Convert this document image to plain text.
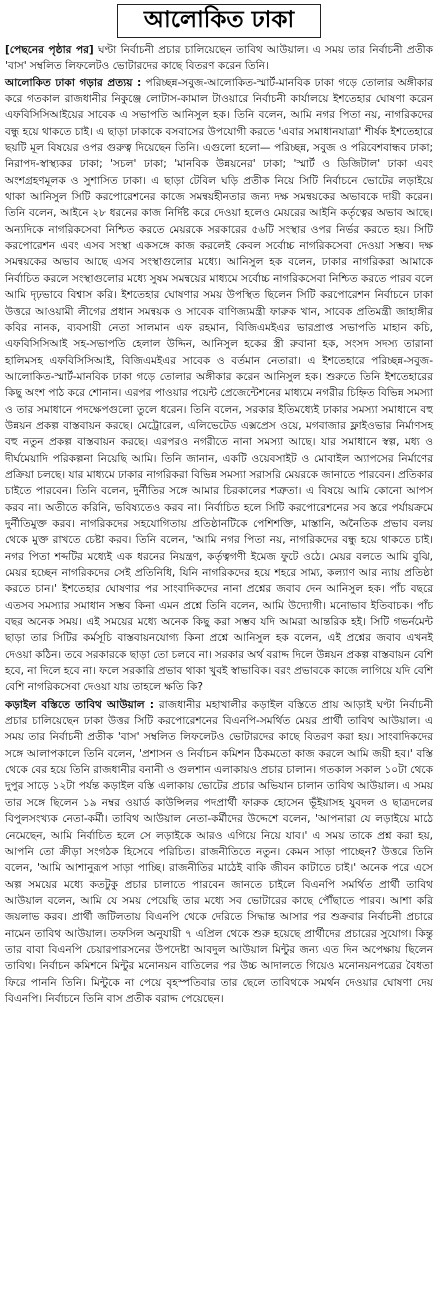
আলোকিত ঢাকা

[পেছনের পৃষ্ঠার পর] ঘণ্টা নির্বাচনী প্রচার চালিয়েছেন তাবিথ আউয়াল। এ সময় তার নির্বাচনী প্রতীক 'বাস' সম্বলিত লিফলেটও ভোটারদের কাছে বিতরণ করেন তিনি।

আলোকিত ঢাকা গড়ার প্রত্যয় : পরিচ্ছন্ন-সবুজ-আলোকিত-স্মার্ট-মানবিক ঢাকা গড়ে তোলার অঙ্গীকার করে গতকাল রাজধানীর নিকুঞ্জে লোটাস-কামাল টাওয়ারে নির্বাচনী কার্যালয়ে ইশতেহার ঘোষণা করেন এফবিসিসিআইয়ের সাবেক এ সভাপতি আনিসুল হক। তিনি বলেন, আমি নগর পিতা নয়, নাগরিকদের বন্ধু হয়ে থাকতে চাই। এ ছাড়া ঢাকাকে বসবাসের উপযোগী করতে 'এবার সমাধানযাত্রা' শীর্ষক ইশতেহারে ছয়টি মূল বিষয়ের ওপর গুরুত্ব দিয়েছেন তিনি। এগুলো হলো— পরিচ্ছন্ন, সবুজ ও পরিবেশবান্ধব ঢাকা; নিরাপদ-স্বাস্থ্যকর ঢাকা; 'সচল' ঢাকা; 'মানবিক উন্নয়নের' ঢাকা; 'স্মার্ট ও ডিজিটাল' ঢাকা এবং অংশগ্রহণমূলক ও সুশাসিত ঢাকা। এ ছাড়া টেবিল ঘড়ি প্রতীক নিয়ে সিটি নির্বাচনে ভোটের লড়াইয়ে থাকা আনিসুল সিটি করপোরেশনের কাজে সমন্বয়হীনতার জন্য দক্ষ সমন্বয়কের অভাবকে দায়ী করেন। তিনি বলেন, আইনে ২৮ ধরনের কাজ নির্দিষ্ট করে দেওয়া হলেও মেয়রের আইনি কর্তৃত্বের অভাব আছে। অন্যদিকে নাগরিকসেবা নিশ্চিত করতে মেয়রকে সরকারের ৫৬টি সংস্থার ওপর নির্ভর করতে হয়। সিটি করপোরেশন এবং এসব সংস্থা একসঙ্গে কাজ করলেই কেবল সর্বোচ্চ নাগরিকসেবা দেওয়া সম্ভব। দক্ষ সমন্বয়কের অভাব আছে এসব সংস্থাগুলোর মধ্যে। আনিসুল হক বলেন, ঢাকার নাগরিকরা আমাকে নির্বাচিত করলে সংস্থাগুলোর মধ্যে সুষম সমন্বয়ের মাধ্যমে সর্বোচ্চ নাগরিকসেবা নিশ্চিত করতে পারব বলে আমি দৃঢ়ভাবে বিশ্বাস করি। ইশতেহার ঘোষণার সময় উপস্থিত ছিলেন সিটি করপোরেশন নির্বাচনে ঢাকা উত্তরে আওয়ামী লীগের প্রধান সমন্বয়ক ও সাবেক বাণিজ্যমন্ত্রী ফারুক খান, সাবেক প্রতিমন্ত্রী জাহাঙ্গীর কবির নানক, ব্যবসায়ী নেতা সালমান এফ রহমান, বিজিএমইএর ভারপ্রাপ্ত সভাপতি মাহান কচি, এফবিসিসিআই সহ-সভাপতি হেলাল উদ্দিন, আনিসুল হকের স্ত্রী রুবানা হক, সংসদ সদস্য তারানা হালিমসহ এফবিসিসিআই, বিজিএমইএর সাবেক ও বর্তমান নেতারা। এ ইশতেহারে পরিচ্ছন্ন-সবুজ-আলোকিত-স্মার্ট-মানবিক ঢাকা গড়ে তোলার অঙ্গীকার করেন আনিসুল হক। শুরুতে তিনি ইশতেহারের কিছু অংশ পাঠ করে শোনান। এরপর পাওয়ার পয়েন্ট প্রেজেন্টেশনের মাধ্যমে নগরীর চিহ্নিত বিভিন্ন সমস্যা ও তার সমাধানে পদক্ষেপগুলো তুলে ধরেন। তিনি বলেন, সরকার ইতিমধ্যেই ঢাকার সমস্যা সমাধানে বহু উন্নয়ন প্রকল্প বাস্তবায়ন করছে। মেট্রোরেল, এলিভেটেড এক্সপ্রেস ওয়ে, মগবাজার ফ্লাইওভার নির্মাণসহ বহু নতুন প্রকল্প বাস্তবায়ন করছে। এরপরও নগরীতে নানা সমস্যা আছে। যার সমাধানে স্বল্প, মধ্য ও দীর্ঘমেয়াদি পরিকল্পনা নিয়েছি আমি। তিনি জানান, একটি ওয়েবসাইট ও মোবাইল অ্যাপসের নির্মাণের প্রক্রিয়া চলছে। যার মাধ্যমে ঢাকার নাগরিকরা বিভিন্ন সমস্যা সরাসরি মেয়রকে জানাতে পারবেন। প্রতিকার চাইতে পারবেন। তিনি বলেন, দুর্নীতির সঙ্গে আমার চিরকালের শত্রুতা। এ বিষয়ে আমি কোনো আপস করব না। অতীতে করিনি, ভবিষ্যতেও করব না। নির্বাচিত হলে সিটি করপোরেশনের সব স্তরে পর্যায়ক্রমে দুর্নীতিমুক্ত করব। নাগরিকদের সহযোগিতায় প্রতিষ্ঠানটিকে পেশিশক্তি, মাস্তানি, অনৈতিক প্রভাব বলয় থেকে মুক্ত রাখতে চেষ্টা করব। তিনি বলেন, 'আমি নগর পিতা নয়, নাগরিকদের বন্ধু হয়ে থাকতে চাই। নগর পিতা শব্দটির মধ্যেই এক ধরনের নিয়ন্ত্রণ, কর্তৃত্বগণী ইমেজ ফুটে ওঠে। মেয়র বলতে আমি বুঝি, মেয়র হচ্ছেন নাগরিকদের সেই প্রতিনিধি, যিনি নাগরিকদের হয়ে শহরে সাম্য, কল্যাণ আর ন্যায় প্রতিষ্ঠা করতে চান।' ইশতেহার ঘোষণার পর সাংবাদিকদের নানা প্রশ্নের জবাব দেন আনিসুল হক। পাঁচ বছরে এতসব সমস্যার সমাধান সম্ভব কিনা এমন প্রশ্নে তিনি বলেন, আমি উদ্যোগী। মনোভাব ইতিবাচক। পাঁচ বছর অনেক সময়। এই সময়ের মধ্যে অনেক কিছু করা সম্ভব যদি আমরা আন্তরিক হই। সিটি গভর্নমেন্ট ছাড়া তার সিটির কর্মসূচি বাস্তবায়নযোগ্য কিনা প্রশ্নে আনিসুল হক বলেন, এই প্রশ্নের জবাব এখনই দেওয়া কঠিন। তবে সরকারকে ছাড়া তো চলবে না। সরকার অর্থ বরাদ্দ দিলে উন্নয়ন প্রকল্প বাস্তবায়ন বেশি হবে, না দিলে হবে না। ফলে সরকারি প্রভাব থাকা খুবই স্বাভাবিক। বরং প্রভাবকে কাজে লাগিয়ে যদি বেশি বেশি নাগরিকসেবা দেওয়া যায় তাহলে ক্ষতি কি?

কড়াইল বস্তিতে তাবিথ আউয়াল : রাজধানীর মহাখালীর কড়াইল বস্তিতে প্রায় আড়াই ঘণ্টা নির্বাচনী প্রচার চালিয়েছেন ঢাকা উত্তর সিটি করপোরেশনের বিএনপি-সমর্থিত মেয়র প্রার্থী তাবিথ আউয়াল। এ সময় তার নির্বাচনী প্রতীক 'বাস' সম্বলিত লিফলেটও ভোটারদের কাছে বিতরণ করা হয়। সাংবাদিকদের সঙ্গে আলাপকালে তিনি বলেন, 'প্রশাসন ও নির্বাচন কমিশন ঠিকমতো কাজ করলে আমি জয়ী হব।' বস্তি থেকে বের হয়ে তিনি রাজধানীর বনানী ও গুলশান এলাকায়ও প্রচার চালান। গতকাল সকাল ১০টা থেকে দুপুর সাড়ে ১২টা পর্যন্ত কড়াইল বস্তি এলাকায় ভোটের প্রচার অভিযান চালান তাবিথ আউয়াল। এ সময় তার সঙ্গে ছিলেন ১৯ নম্বর ওয়ার্ড কাউন্সিলর পদপ্রার্থী ফারুক হোসেন ভূঁইয়াসহ যুবদল ও ছাত্রদলের বিপুলসংখ্যক নেতা-কর্মী। তাবিথ আউয়াল নেতা-কর্মীদের উদ্দেশে বলেন, 'আপনারা যে লড়াইয়ে মাঠে নেমেছেন, আমি নির্বাচিত হলে সে লড়াইকে আরও এগিয়ে নিয়ে যাব।' এ সময় তাকে প্রশ্ন করা হয়, আপনি তো ক্রীড়া সংগঠক হিসেবে পরিচিত। রাজনীতিতে নতুন। কেমন সাড়া পাচ্ছেন? উত্তরে তিনি বলেন, 'আমি আশানুরূপ সাড়া পাচ্ছি। রাজনীতির মাঠেই বাকি জীবন কাটাতে চাই।' অনেক পরে এসে অল্প সময়ের মধ্যে কতটুকু প্রচার চালাতে পারবেন জানতে চাইলে বিএনপি সমর্থিত প্রার্থী তাবিথ আউয়াল বলেন, আমি যে সময় পেয়েছি তার মধ্যে সব ভোটারের কাছে পৌঁছাতে পারব। আশা করি জয়লাভ করব। প্রার্থী জটিলতায় বিএনপি থেকে দেরিতে সিদ্ধান্ত আসার পর শুক্রবার নির্বাচনী প্রচারে নামেন তাবিথ আউয়াল। তফসিল অনুযায়ী ৭ এপ্রিল থেকে শুরু হয়েছে প্রার্থীদের প্রচারের সুযোগ। কিন্তু তার বাবা বিএনপি চেয়ারপারসনের উপদেষ্টা আবদুল আউয়াল মিন্টুর জন্য এত দিন অপেক্ষায় ছিলেন তাবিথ। নির্বাচন কমিশনে মিন্টুর মনোনয়ন বাতিলের পর উচ্চ আদালতে গিয়েও মনোনয়নপত্রের বৈধতা ফিরে পাননি তিনি। মিন্টুকে না পেয়ে বৃহস্পতিবার তার ছেলে তাবিথকে সমর্থন দেওয়ার ঘোষণা দেয় বিএনপি। নির্বাচনে তিনি বাস প্রতীক বরাদ্দ পেয়েছেন।
